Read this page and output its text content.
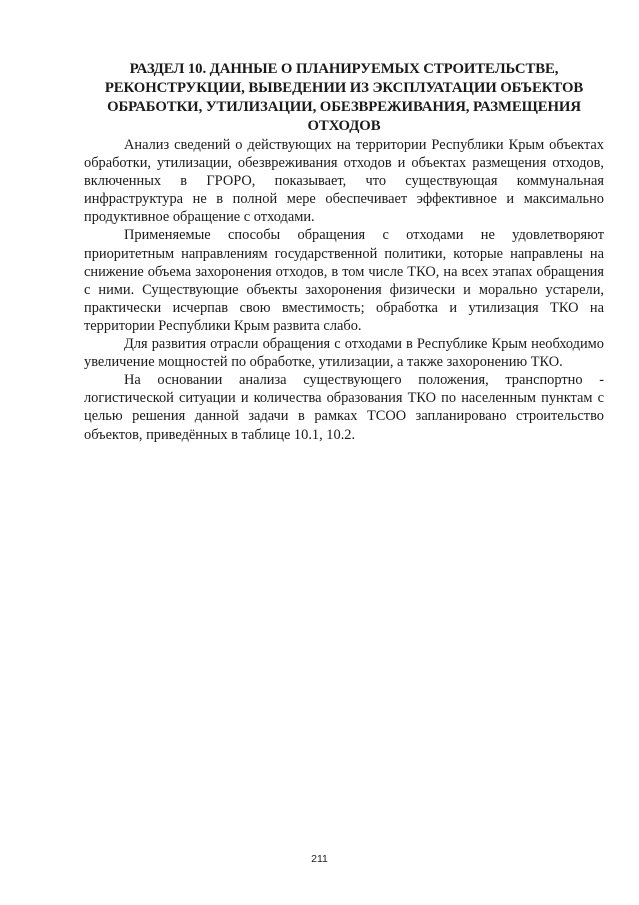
РАЗДЕЛ 10. ДАННЫЕ О ПЛАНИРУЕМЫХ СТРОИТЕЛЬСТВЕ, РЕКОНСТРУКЦИИ, ВЫВЕДЕНИИ ИЗ ЭКСПЛУАТАЦИИ ОБЪЕКТОВ ОБРАБОТКИ, УТИЛИЗАЦИИ, ОБЕЗВРЕЖИВАНИЯ, РАЗМЕЩЕНИЯ ОТХОДОВ

Анализ сведений о действующих на территории Республики Крым объектах обработки, утилизации, обезвреживания отходов и объектах размещения отходов, включенных в ГРОРО, показывает, что существующая коммунальная инфраструктура не в полной мере обеспечивает эффективное и максимально продуктивное обращение с отходами.

Применяемые способы обращения с отходами не удовлетворяют приоритетным направлениям государственной политики, которые направлены на снижение объема захоронения отходов, в том числе ТКО, на всех этапах обращения с ними. Существующие объекты захоронения физически и морально устарели, практически исчерпав свою вместимость; обработка и утилизация ТКО на территории Республики Крым развита слабо.

Для развития отрасли обращения с отходами в Республике Крым необходимо увеличение мощностей по обработке, утилизации, а также захоронению ТКО.

На основании анализа существующего положения, транспортно - логистической ситуации и количества образования ТКО по населенным пунктам с целью решения данной задачи в рамках ТСОО запланировано строительство объектов, приведённых в таблице 10.1, 10.2.

211
